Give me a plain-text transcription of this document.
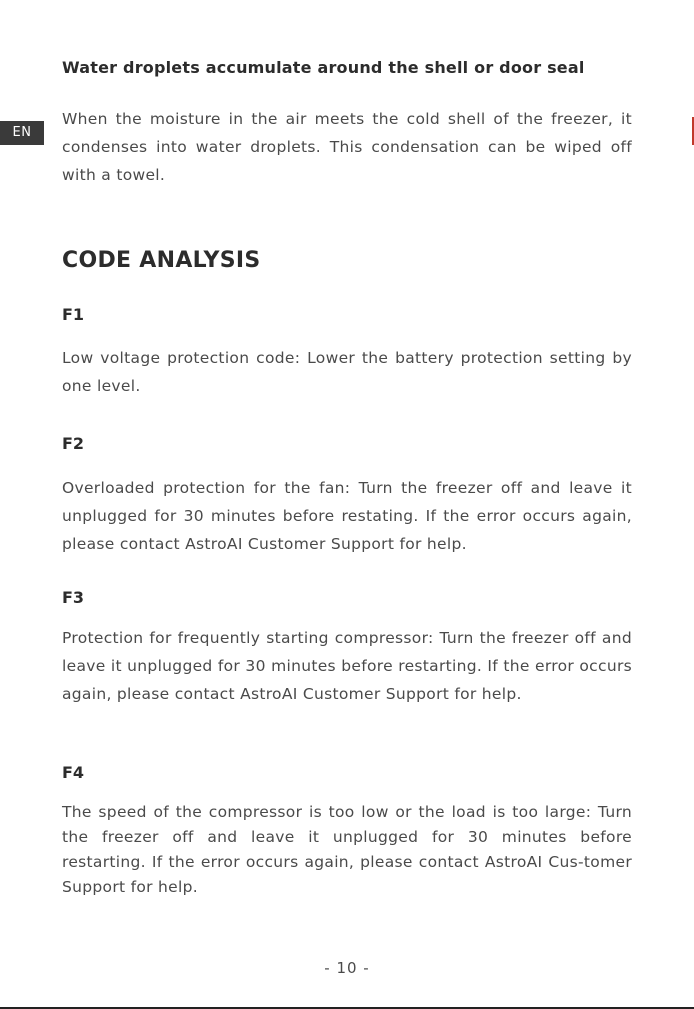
EN
Water droplets accumulate around the shell or door seal
When the moisture in the air meets the cold shell of the freezer, it condenses into water droplets. This condensation can be wiped off with a towel.
CODE ANALYSIS
F1
Low voltage protection code: Lower the battery protection setting by one level.
F2
Overloaded protection for the fan: Turn the freezer off and leave it unplugged for 30 minutes before restating. If the error occurs again, please contact AstroAI Customer Support for help.
F3
Protection for frequently starting compressor: Turn the freezer off and leave it unplugged for 30 minutes before restarting. If the error occurs again, please contact AstroAI Customer Support for help.
F4
The speed of the compressor is too low or the load is too large: Turn the freezer off and leave it unplugged for 30 minutes before restarting. If the error occurs again, please contact AstroAI Cus-tomer Support for help.
- 10 -
